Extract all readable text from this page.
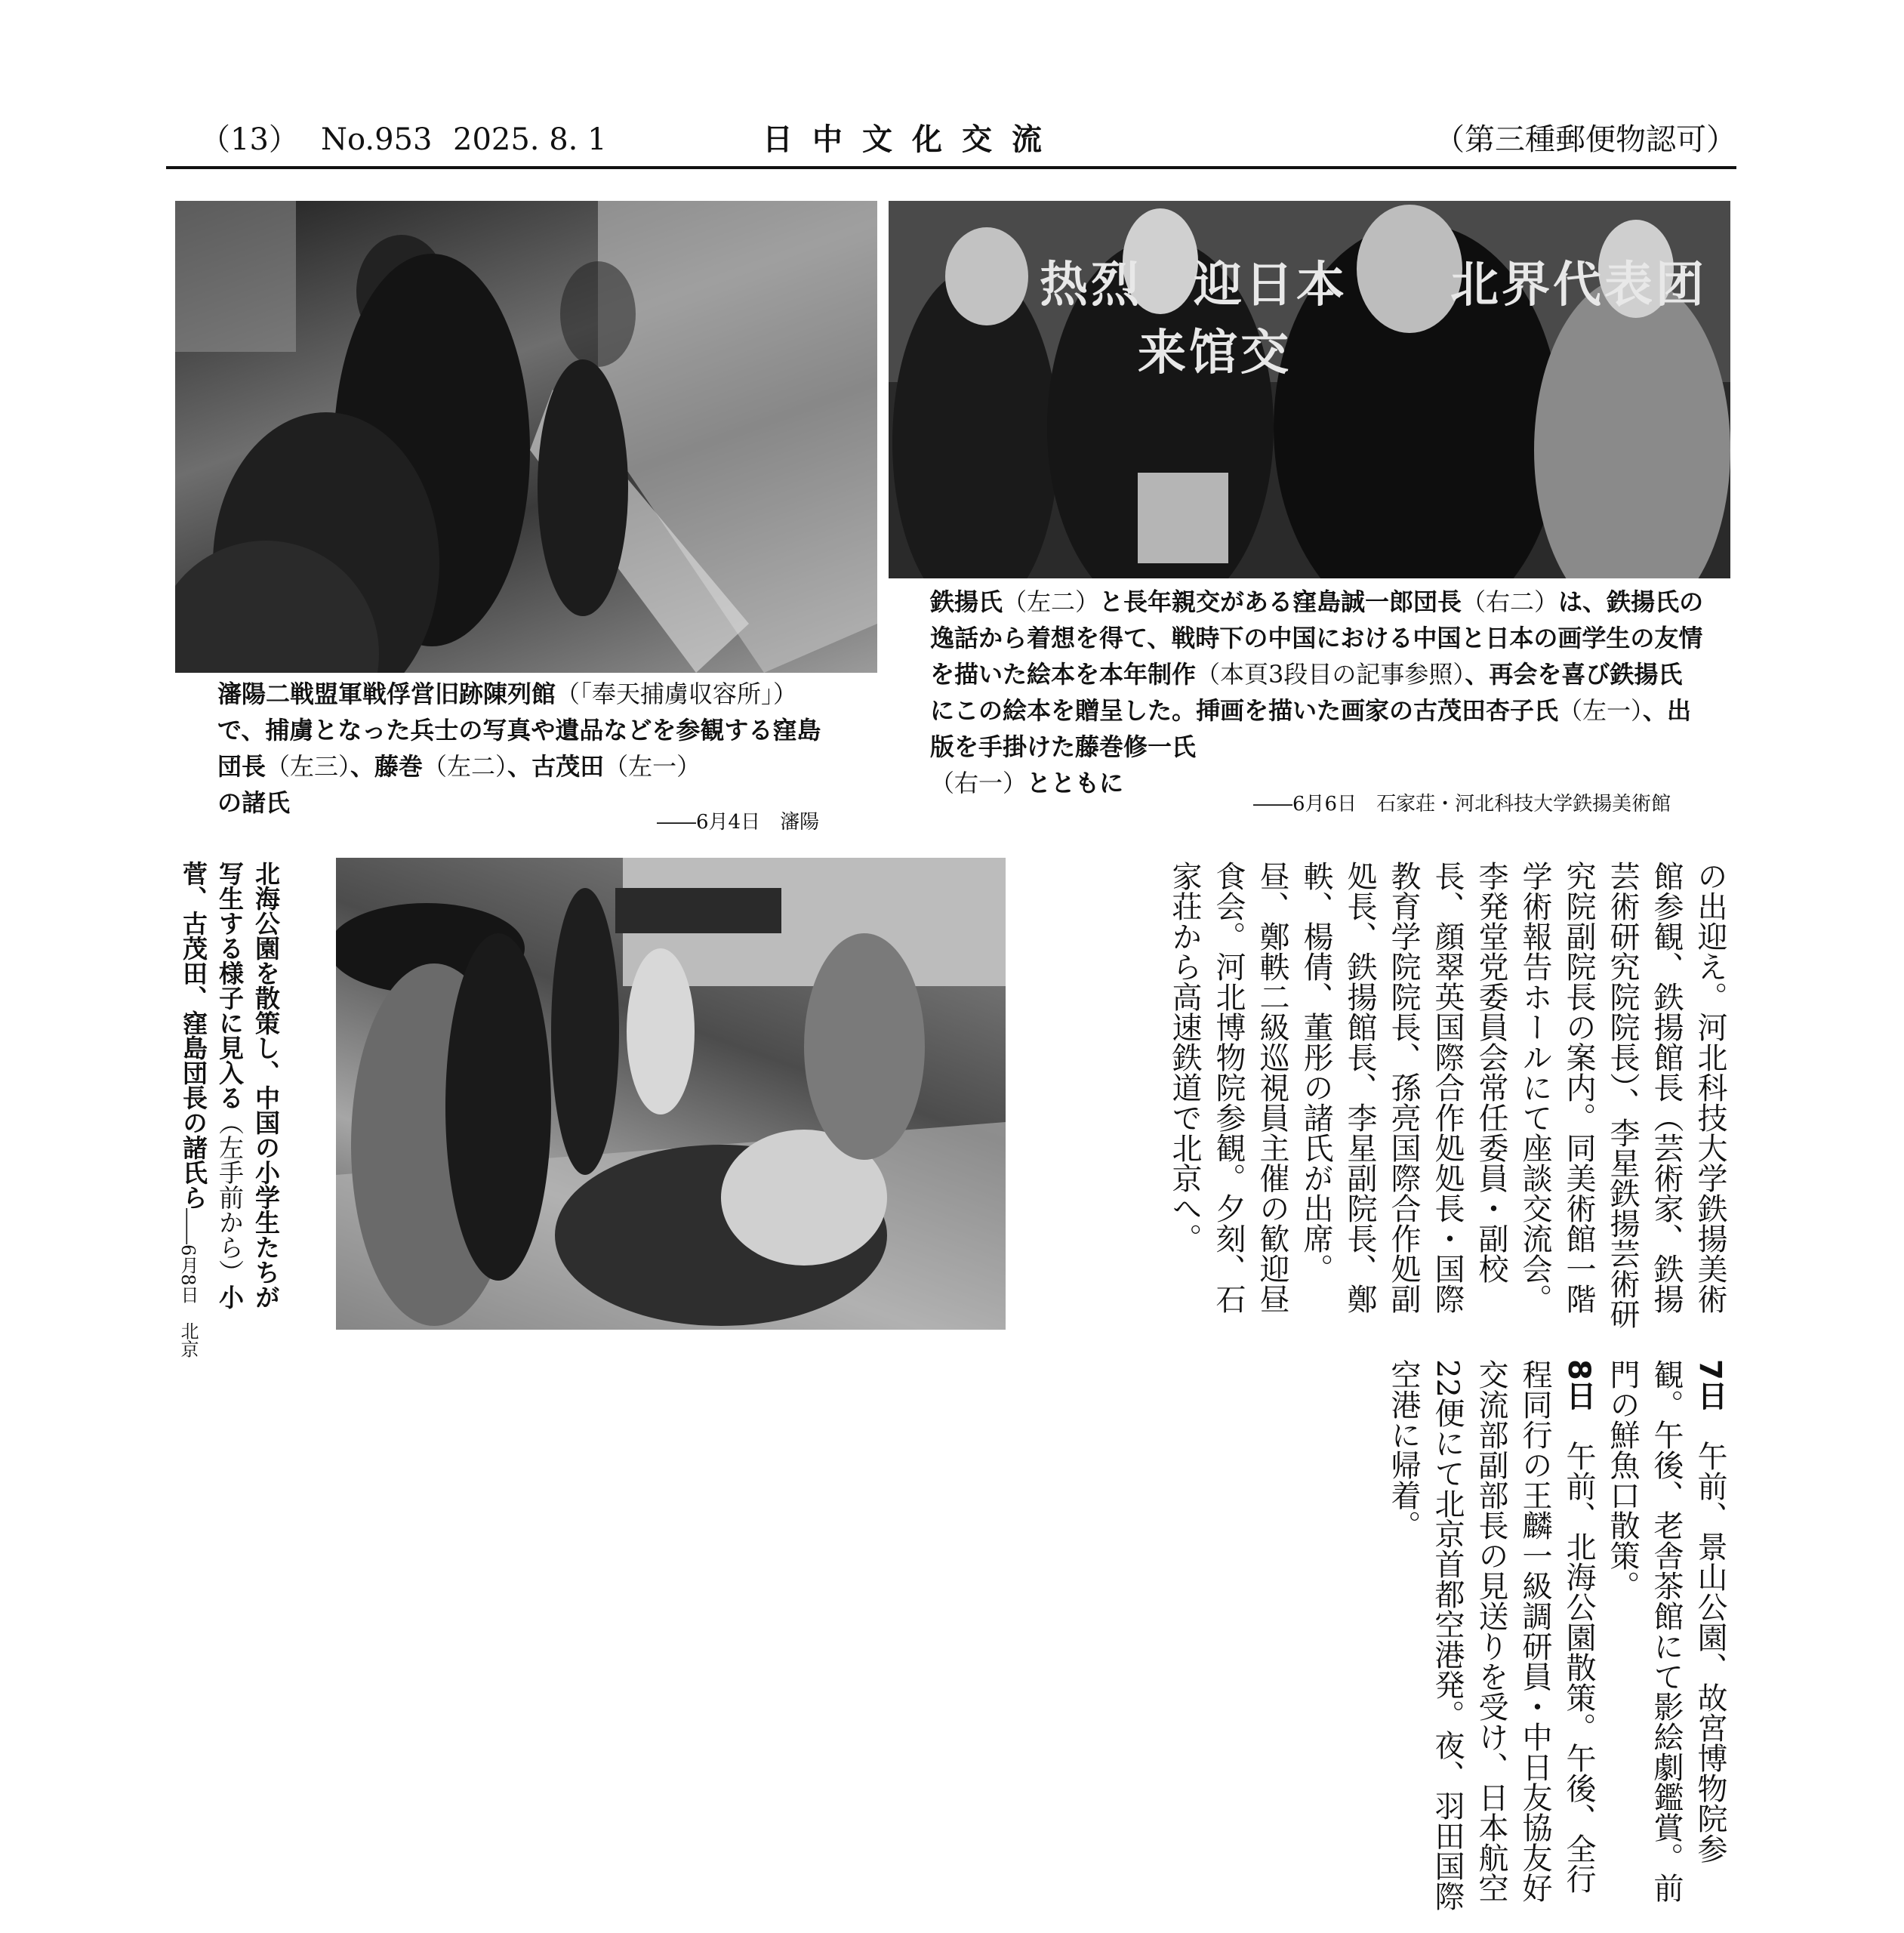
（13） No.953 2025. 8. 1	日中文化交流	（第三種郵便物認可）
热烈　迎日本　　北界代表团
来馆交
瀋陽二戦盟軍戦俘営旧跡陳列館（「奉天捕虜収容所」）で、捕虜となった兵士の写真や遺品などを参観する窪島団長（左三）、藤巻（左二）、古茂田（左一）
の諸氏
――6月4日　瀋陽
鉄揚氏（左二）と長年親交がある窪島誠一郎団長（右二）は、鉄揚氏の逸話から着想を得て、戦時下の中国における中国と日本の画学生の友情を描いた絵本を本年制作（本頁3段目の記事参照）、再会を喜び鉄揚氏にこの絵本を贈呈した。挿画を描いた画家の古茂田杏子氏（左一）、出版を手掛けた藤巻修一氏
（右一）とともに
――6月6日　石家荘・河北科技大学鉄揚美術館
北海公園を散策し、中国の小学生たちが写生する様子に見入る（左手前から）小菅、古茂田、窪島団長の諸氏ら
――6月8日　北京	の出迎え。河北科技大学鉄揚美術館参観、鉄揚館長（芸術家、鉄揚芸術研究院院長）、李星鉄揚芸術研究院副院長の案内。同美術館一階学術報告ホールにて座談交流会。李発堂党委員会常任委員・副校長、顔翠英国際合作処処長・国際教育学院院長、孫亮国際合作処副処長、鉄揚館長、李星副院長、鄭軼、楊倩、董彤の諸氏が出席。昼、鄭軼二級巡視員主催の歓迎昼食会。河北博物院参観。夕刻、石家荘から高速鉄道で北京へ。
7日　午前、景山公園、故宮博物院参観。午後、老舎茶館にて影絵劇鑑賞。前門の鮮魚口散策。
8日　午前、北海公園散策。午後、全行程同行の王麟一級調研員・中日友協友好交流部副部長の見送りを受け、日本航空22便にて北京首都空港発。夜、羽田国際空港に帰着。
